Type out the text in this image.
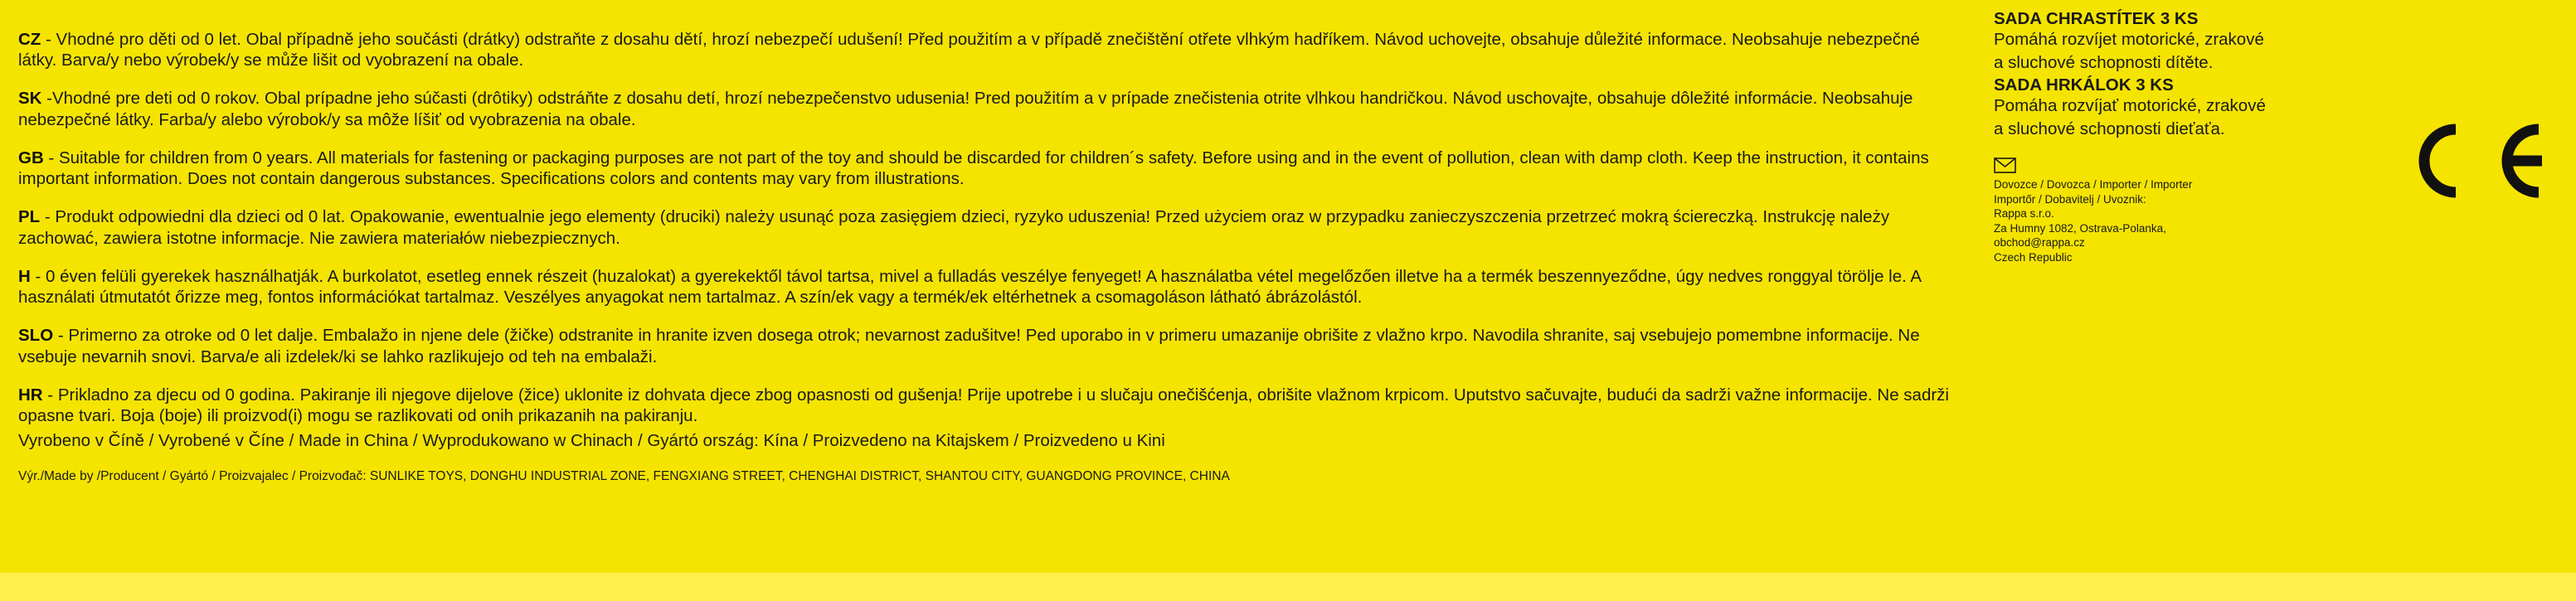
CZ - Vhodné pro děti od 0 let. Obal případně jeho součásti (drátky) odstraňte z dosahu dětí, hrozí nebezpečí udušení! Před použitím a v případě znečištění otřete vlhkým hadříkem. Návod uchovejte, obsahuje důležité informace. Neobsahuje nebezpečné látky. Barva/y nebo výrobek/y se může lišit od vyobrazení na obale.

SK -Vhodné pre deti od 0 rokov. Obal prípadne jeho súčasti (drôtiky) odstráňte z dosahu detí, hrozí nebezpečenstvo udusenia! Pred použitím a v prípade znečistenia otrite vlhkou handričkou. Návod uschovajte, obsahuje dôležité informácie. Neobsahuje nebezpečné látky. Farba/y alebo výrobok/y sa môže líšiť od vyobrazenia na obale.

GB - Suitable for children from 0 years. All materials for fastening or packaging purposes are not part of the toy and should be discarded for children´s safety. Before using and in the event of pollution, clean with damp cloth. Keep the instruction, it contains important information. Does not contain dangerous substances. Specifications colors and contents may vary from illustrations.

PL - Produkt odpowiedni dla dzieci od 0 lat. Opakowanie, ewentualnie jego elementy (druciki) należy usunąć poza zasięgiem dzieci, ryzyko uduszenia! Przed użyciem oraz w przypadku zanieczyszczenia przetrzeć mokrą ściereczką. Instrukcję należy zachować, zawiera istotne informacje. Nie zawiera materiałów niebezpiecznych.

H - 0 éven felüli gyerekek használhatják. A burkolatot, esetleg ennek részeit (huzalokat) a gyerekektől távol tartsa, mivel a fulladás veszélye fenyeget! A használatba vétel megelőzően illetve ha a termék beszennyeződne, úgy nedves ronggyal törölje le. A használati útmutatót őrizze meg, fontos információkat tartalmaz. Veszélyes anyagokat nem tartalmaz. A szín/ek vagy a termék/ek eltérhetnek a csomagoláson látható ábrázolástól.

SLO - Primerno za otroke od 0 let dalje. Embalažo in njene dele (žičke) odstranite in hranite izven dosega otrok; nevarnost zadušitve! Ped uporabo in v primeru umazanije obrišite z vlažno krpo. Navodila shranite, saj vsebujejo pomembne informacije. Ne vsebuje nevarnih snovi. Barva/e ali izdelek/ki se lahko razlikujejo od teh na embalaži.

HR - Prikladno za djecu od 0 godina. Pakiranje ili njegove dijelove (žice) uklonite iz dohvata djece zbog opasnosti od gušenja! Prije upotrebe i u slučaju onečišćenja, obrišite vlažnom krpicom. Uputstvo sačuvajte, budući da sadrži važne informacije. Ne sadrži opasne tvari. Boja (boje) ili proizvod(i) mogu se razlikovati od onih prikazanih na pakiranju.

Vyrobeno v Číně / Vyrobené v Číne / Made in China / Wyprodukowano w Chinach / Gyártó ország: Kína / Proizvedeno na Kitajskem / Proizvedeno u Kini

Výr./Made by /Producent / Gyártó / Proizvajalec / Proizvođač: SUNLIKE TOYS, DONGHU INDUSTRIAL ZONE, FENGXIANG STREET, CHENGHAI DISTRICT, SHANTOU CITY, GUANGDONG PROVINCE, CHINA

SADA CHRASTÍTEK 3 KS
Pomáhá rozvíjet motorické, zrakové
a sluchové schopnosti dítěte.
SADA HRKÁLOK 3 KS
Pomáha rozvíjať motorické, zrakové
a sluchové schopnosti dieťaťa.
Dovozce / Dovozca / Importer / Importer
Importőr / Dobavitelj / Uvoznik:
Rappa s.r.o.
Za Humny 1082, Ostrava-Polanka,
obchod@rappa.cz
Czech Republic
